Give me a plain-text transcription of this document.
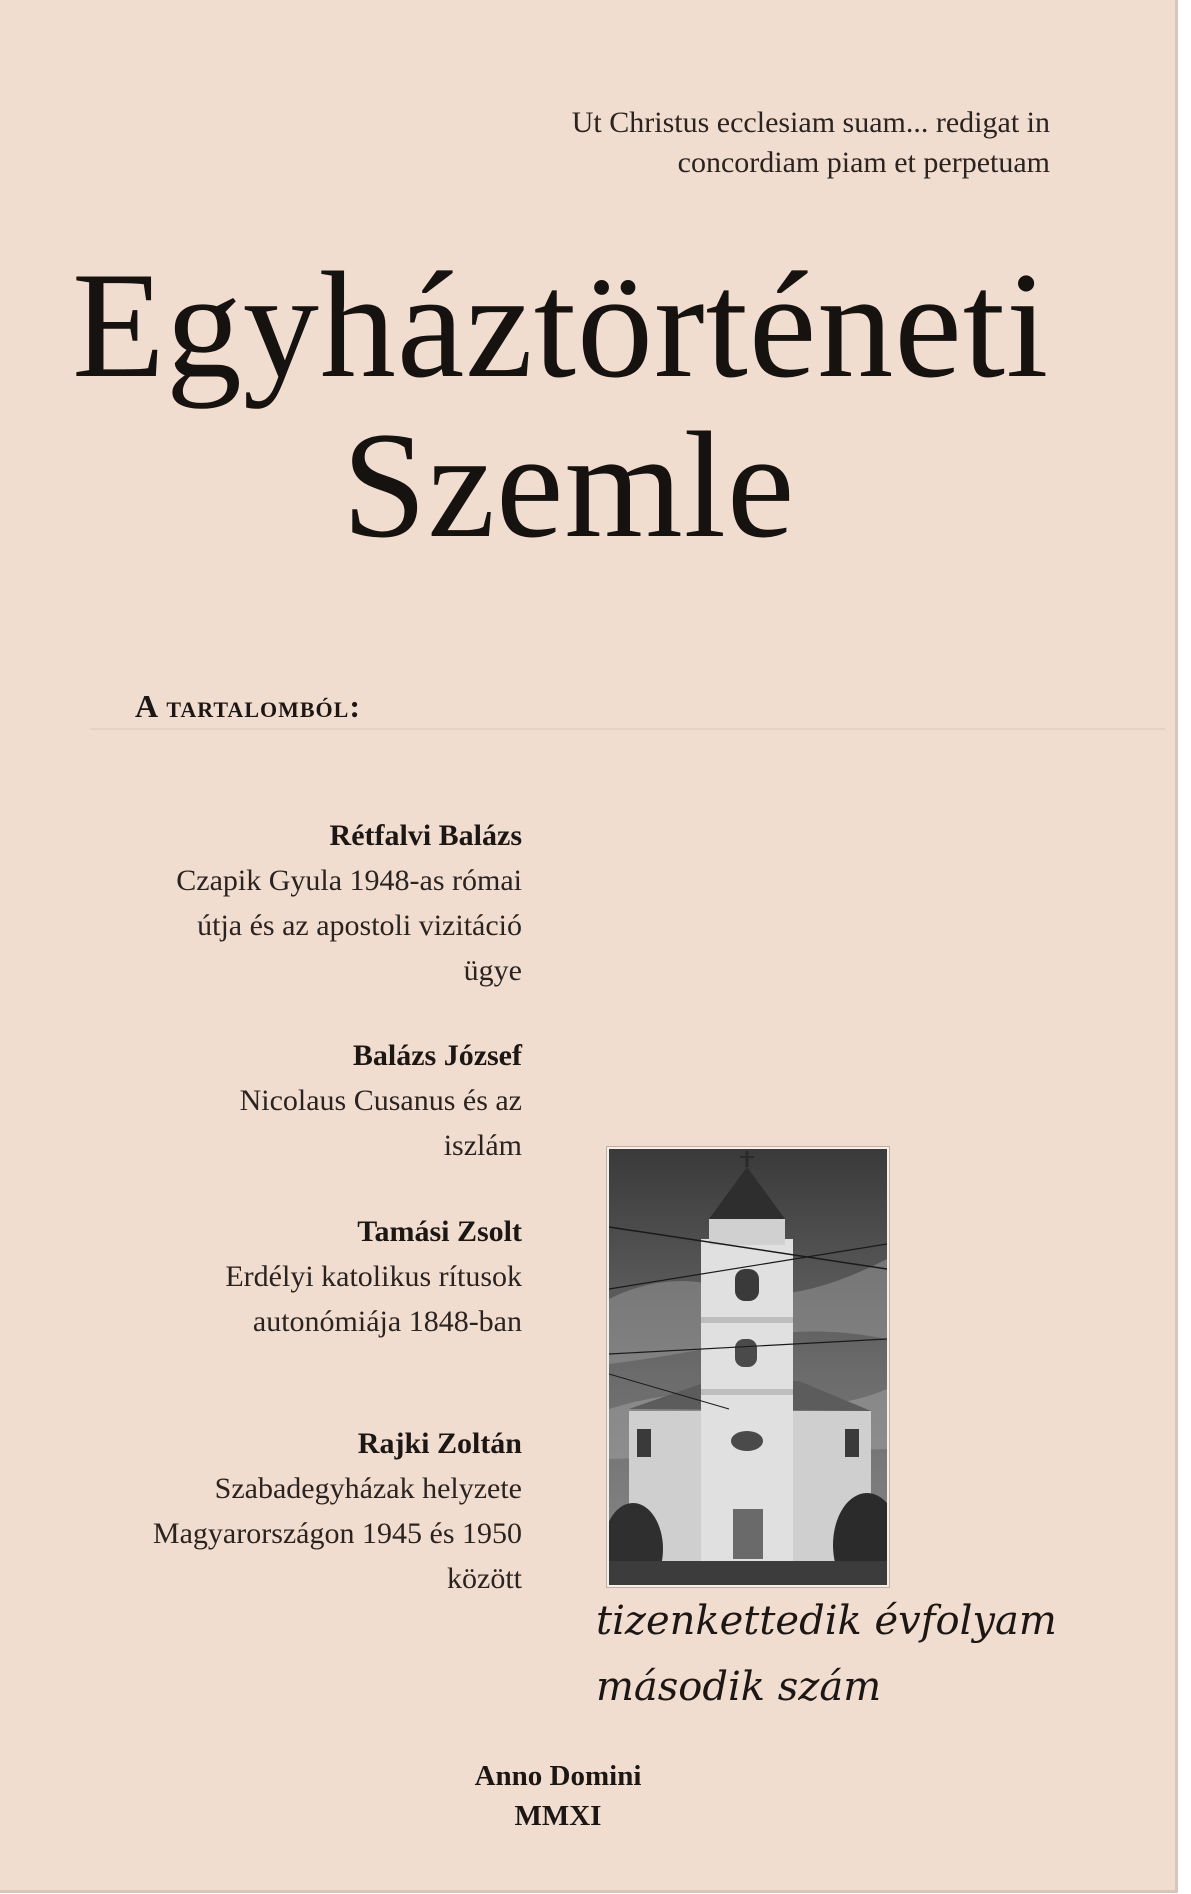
Ut Christus ecclesiam suam... redigat in
concordiam piam et perpetuam
Egyháztörténeti
Szemle
A tartalomból:
Rétfalvi Balázs
Czapik Gyula 1948-as római
útja és az apostoli vizitáció
ügye
Balázs József
Nicolaus Cusanus és az
iszlám
Tamási Zsolt
Erdélyi katolikus rítusok
autonómiája 1848-ban
Rajki Zoltán
Szabadegyházak helyzete
Magyarországon 1945 és 1950
között
tizenkettedik évfolyam
második szám
Anno Domini
MMXI
